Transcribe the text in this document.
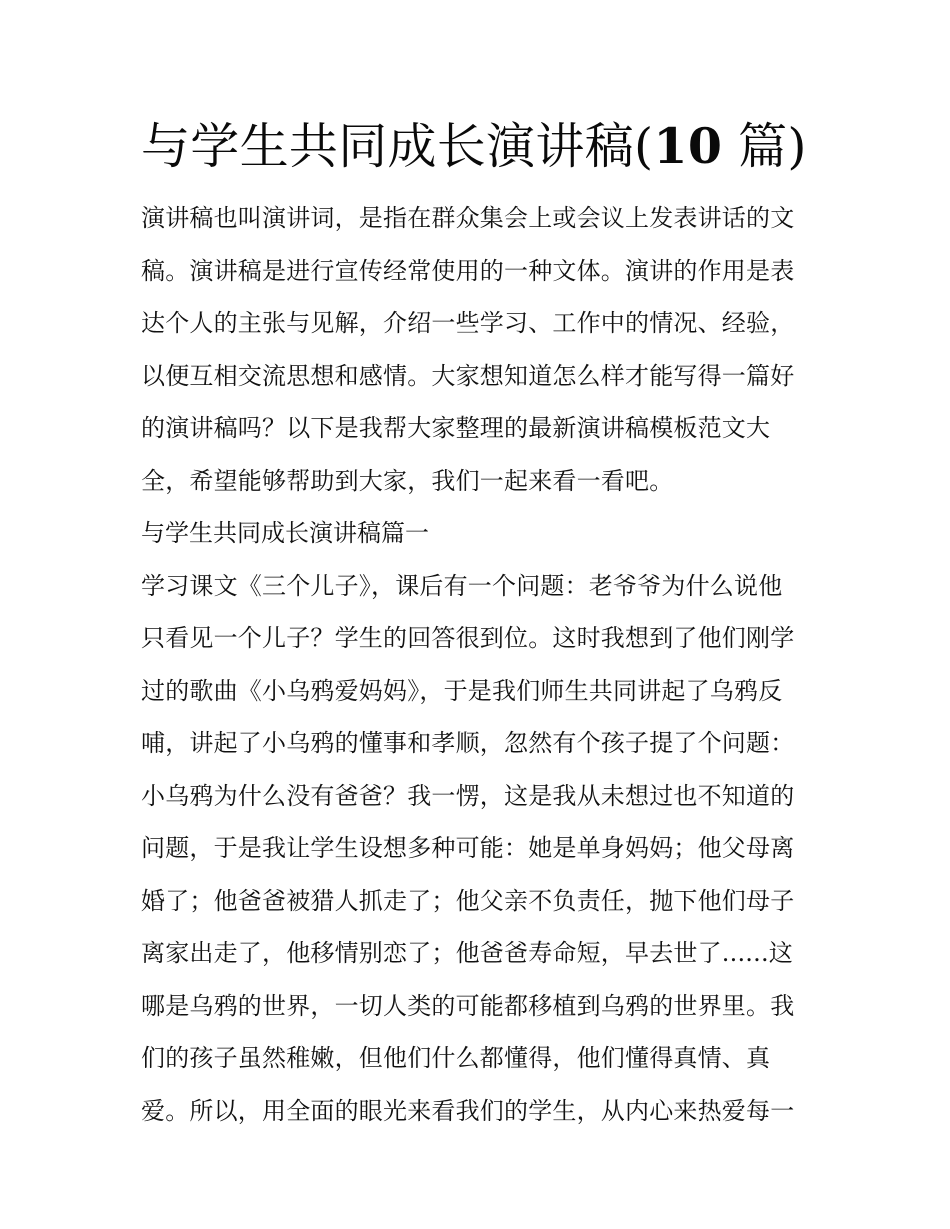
与学生共同成长演讲稿(10 篇)
演讲稿也叫演讲词，是指在群众集会上或会议上发表讲话的文
稿。演讲稿是进行宣传经常使用的一种文体。演讲的作用是表
达个人的主张与见解，介绍一些学习、工作中的情况、经验，
以便互相交流思想和感情。大家想知道怎么样才能写得一篇好
的演讲稿吗？以下是我帮大家整理的最新演讲稿模板范文大
全，希望能够帮助到大家，我们一起来看一看吧。
与学生共同成长演讲稿篇一
学习课文《三个儿子》，课后有一个问题：老爷爷为什么说他
只看见一个儿子？学生的回答很到位。这时我想到了他们刚学
过的歌曲《小乌鸦爱妈妈》，于是我们师生共同讲起了乌鸦反
哺，讲起了小乌鸦的懂事和孝顺，忽然有个孩子提了个问题：
小乌鸦为什么没有爸爸？我一愣，这是我从未想过也不知道的
问题，于是我让学生设想多种可能：她是单身妈妈；他父母离
婚了；他爸爸被猎人抓走了；他父亲不负责任，抛下他们母子
离家出走了，他移情别恋了；他爸爸寿命短，早去世了......这
哪是乌鸦的世界，一切人类的可能都移植到乌鸦的世界里。我
们的孩子虽然稚嫩，但他们什么都懂得，他们懂得真情、真
爱。所以，用全面的眼光来看我们的学生，从内心来热爱每一
